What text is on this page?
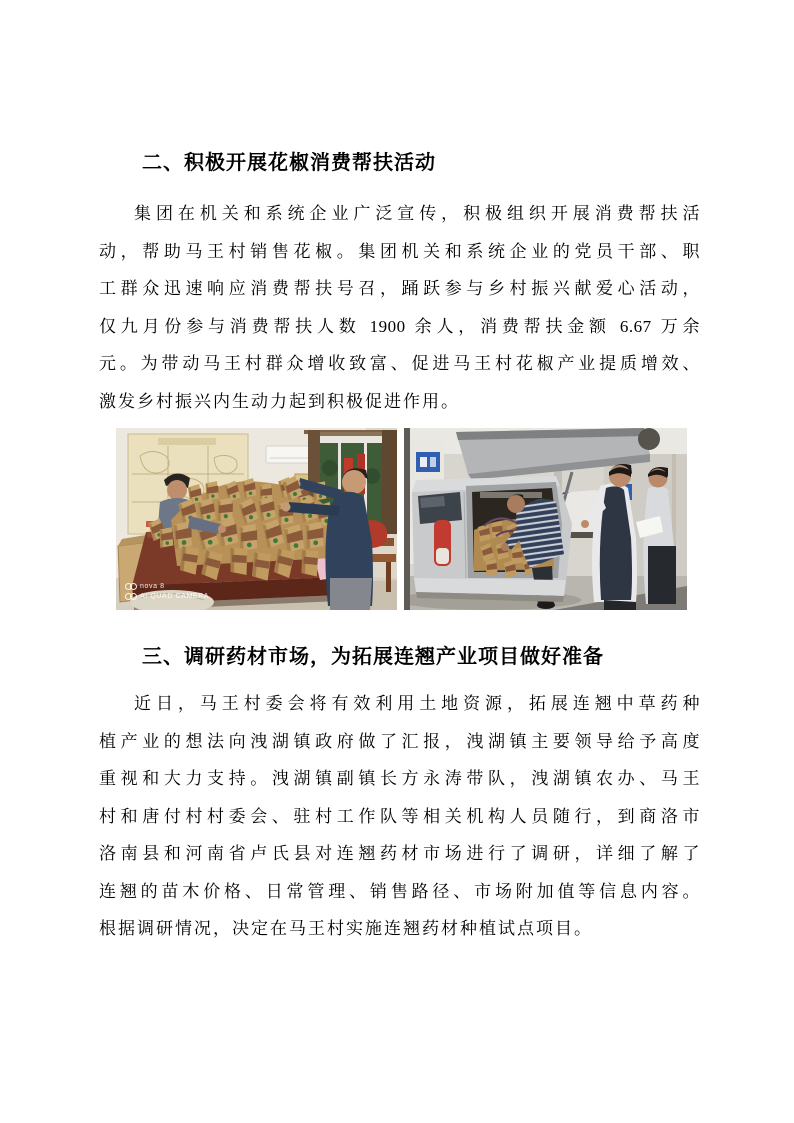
二、积极开展花椒消费帮扶活动
集团在机关和系统企业广泛宣传，积极组织开展消费帮扶活
动，帮助马王村销售花椒。集团机关和系统企业的党员干部、职
工群众迅速响应消费帮扶号召，踊跃参与乡村振兴献爱心活动，
仅九月份参与消费帮扶人数 1900 余人，消费帮扶金额 6.67 万余
元。为带动马王村群众增收致富、促进马王村花椒产业提质增效、
激发乡村振兴内生动力起到积极促进作用。
nova 8
AI QUAD CAMERA
三、调研药材市场，为拓展连翘产业项目做好准备
近日，马王村委会将有效利用土地资源，拓展连翘中草药种
植产业的想法向洩湖镇政府做了汇报，洩湖镇主要领导给予高度
重视和大力支持。洩湖镇副镇长方永涛带队，洩湖镇农办、马王
村和唐付村村委会、驻村工作队等相关机构人员随行，到商洛市
洛南县和河南省卢氏县对连翘药材市场进行了调研，详细了解了
连翘的苗木价格、日常管理、销售路径、市场附加值等信息内容。
根据调研情况，决定在马王村实施连翘药材种植试点项目。
